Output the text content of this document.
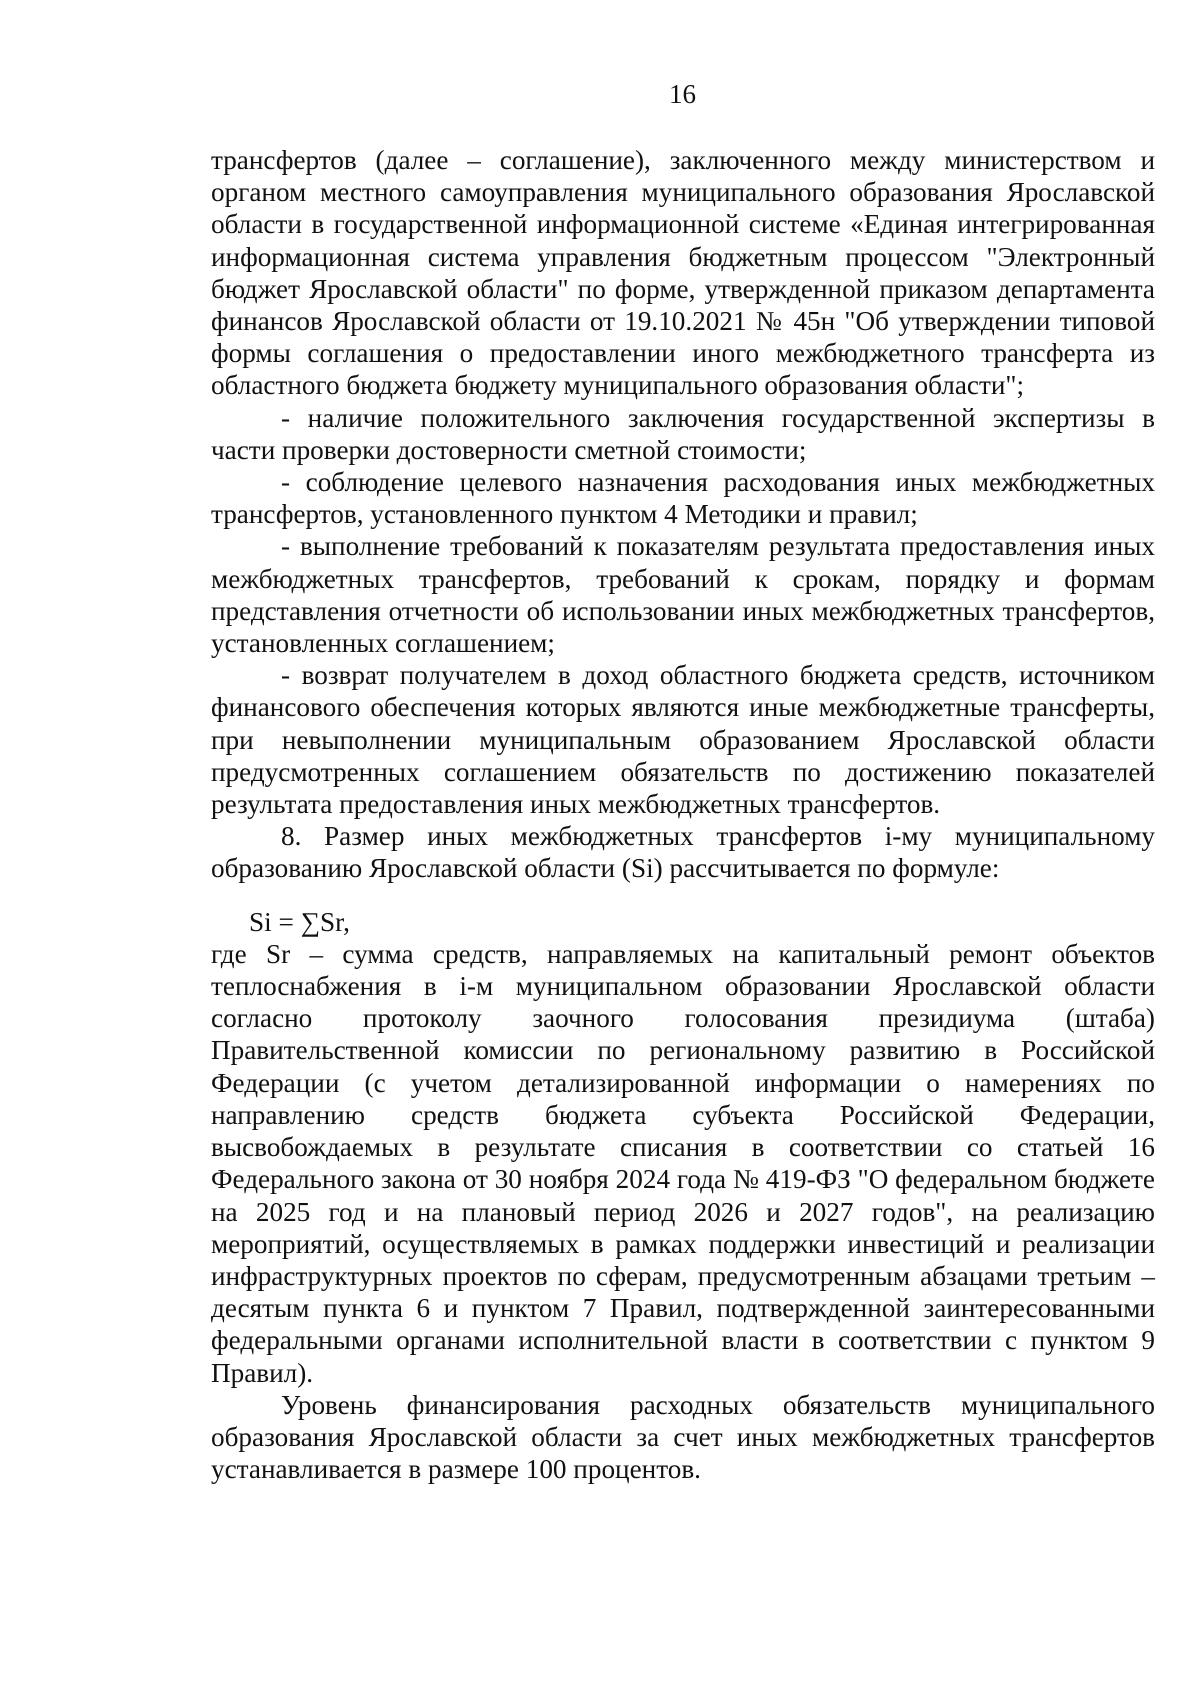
16

трансфертов (далее – соглашение), заключенного между министерством и органом местного самоуправления муниципального образования Ярославской области в государственной информационной системе «Единая интегрированная информационная система управления бюджетным процессом "Электронный бюджет Ярославской области" по форме, утвержденной приказом департамента финансов Ярославской области от 19.10.2021 № 45н "Об утверждении типовой формы соглашения о предоставлении иного межбюджетного трансферта из областного бюджета бюджету муниципального образования области";

- наличие положительного заключения государственной экспертизы в части проверки достоверности сметной стоимости;

- соблюдение целевого назначения расходования иных межбюджетных трансфертов, установленного пунктом 4 Методики и правил;

- выполнение требований к показателям результата предоставления иных межбюджетных трансфертов, требований к срокам, порядку и формам представления отчетности об использовании иных межбюджетных трансфертов, установленных соглашением;

- возврат получателем в доход областного бюджета средств, источником финансового обеспечения которых являются иные межбюджетные трансферты, при невыполнении муниципальным образованием Ярославской области предусмотренных соглашением обязательств по достижению показателей результата предоставления иных межбюджетных трансфертов.

8. Размер иных межбюджетных трансфертов i-му муниципальному образованию Ярославской области (Si) рассчитывается по формуле:

Si = ∑Sr,

где Sr – сумма средств, направляемых на капитальный ремонт объектов теплоснабжения в i-м муниципальном образовании Ярославской области согласно протоколу заочного голосования президиума (штаба) Правительственной комиссии по региональному развитию в Российской Федерации (с учетом детализированной информации о намерениях по направлению средств бюджета субъекта Российской Федерации, высвобождаемых в результате списания в соответствии со статьей 16 Федерального закона от 30 ноября 2024 года № 419-ФЗ "О федеральном бюджете на 2025 год и на плановый период 2026 и 2027 годов", на реализацию мероприятий, осуществляемых в рамках поддержки инвестиций и реализации инфраструктурных проектов по сферам, предусмотренным абзацами третьим – десятым пункта 6 и пунктом 7 Правил, подтвержденной заинтересованными федеральными органами исполнительной власти в соответствии с пунктом 9 Правил).

Уровень финансирования расходных обязательств муниципального образования Ярославской области за счет иных межбюджетных трансфертов устанавливается в размере 100 процентов.
